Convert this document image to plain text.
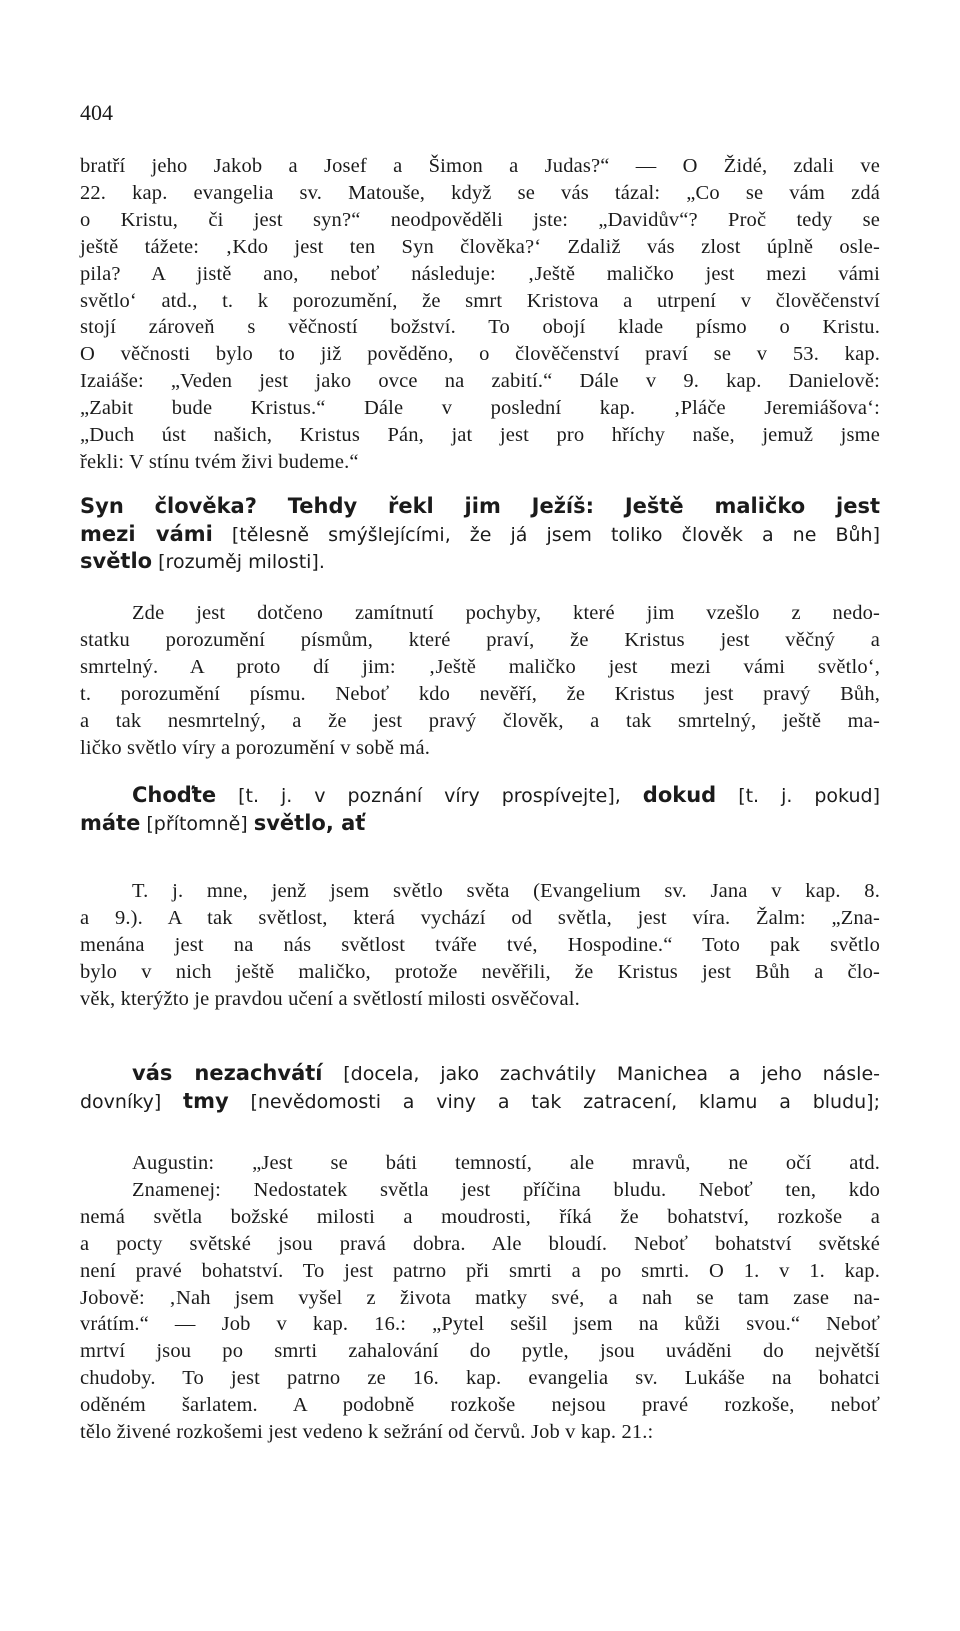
404
bratří jeho Jakob a Josef a Šimon a Judas?“ — O Židé, zdali ve
22. kap. evangelia sv. Matouše, když se vás tázal: „Co se vám zdá
o Kristu, či jest syn?“ neodpověděli jste: „Davidův“? Proč tedy se
ještě tážete: ‚Kdo jest ten Syn člověka?‘ Zdaliž vás zlost úplně osle-
pila? A jistě ano, neboť následuje: ‚Ještě maličko jest mezi vámi
světlo‘ atd., t. k porozumění, že smrt Kristova a utrpení v člověčenství
stojí zároveň s věčností božství. To obojí klade písmo o Kristu.
O věčnosti bylo to již pověděno, o člověčenství praví se v 53. kap.
Izaiáše: „Veden jest jako ovce na zabití.“ Dále v 9. kap. Danielově:
„Zabit bude Kristus.“ Dále v poslední kap. ‚Pláče Jeremiášova‘:
„Duch úst našich, Kristus Pán, jat jest pro hříchy naše, jemuž jsme
řekli: V stínu tvém živi budeme.“
Syn člověka? Tehdy řekl jim Ježíš: Ještě maličko jest
mezi vámi [tělesně smýšlejícími, že já jsem toliko člověk a ne Bůh]
světlo [rozuměj milosti].
Zde jest dotčeno zamítnutí pochyby, které jim vzešlo z nedo-
statku porozumění písmům, které praví, že Kristus jest věčný a
smrtelný. A proto dí jim: ‚Ještě maličko jest mezi vámi světlo‘,
t. porozumění písmu. Neboť kdo nevěří, že Kristus jest pravý Bůh,
a tak nesmrtelný, a že jest pravý člověk, a tak smrtelný, ještě ma-
ličko světlo víry a porozumění v sobě má.
Choďte [t. j. v poznání víry prospívejte], dokud [t. j. pokud]
máte [přítomně] světlo, ať
T. j. mne, jenž jsem světlo světa (Evangelium sv. Jana v kap. 8.
a 9.). A tak světlost, která vychází od světla, jest víra. Žalm: „Zna-
menána jest na nás světlost tváře tvé, Hospodine.“ Toto pak světlo
bylo v nich ještě maličko, protože nevěřili, že Kristus jest Bůh a člo-
věk, kterýžto je pravdou učení a světlostí milosti osvěčoval.
vás nezachvátí [docela, jako zachvátily Manichea a jeho násle-
dovníky] tmy [nevědomosti a viny a tak zatracení, klamu a bludu];
Augustin: „Jest se báti temností, ale mravů, ne očí atd.
Znamenej: Nedostatek světla jest příčina bludu. Neboť ten, kdo
nemá světla božské milosti a moudrosti, říká že bohatství, rozkoše a
a pocty světské jsou pravá dobra. Ale bloudí. Neboť bohatství světské
není pravé bohatství. To jest patrno při smrti a po smrti. O 1. v 1. kap.
Jobově: ‚Nah jsem vyšel z života matky své, a nah se tam zase na-
vrátím.“ — Job v kap. 16.: „Pytel sešil jsem na kůži svou.“ Neboť
mrtví jsou po smrti zahalování do pytle, jsou uváděni do největší
chudoby. To jest patrno ze 16. kap. evangelia sv. Lukáše na bohatci
oděném šarlatem. A podobně rozkoše nejsou pravé rozkoše, neboť
tělo živené rozkošemi jest vedeno k sežrání od červů. Job v kap. 21.:
